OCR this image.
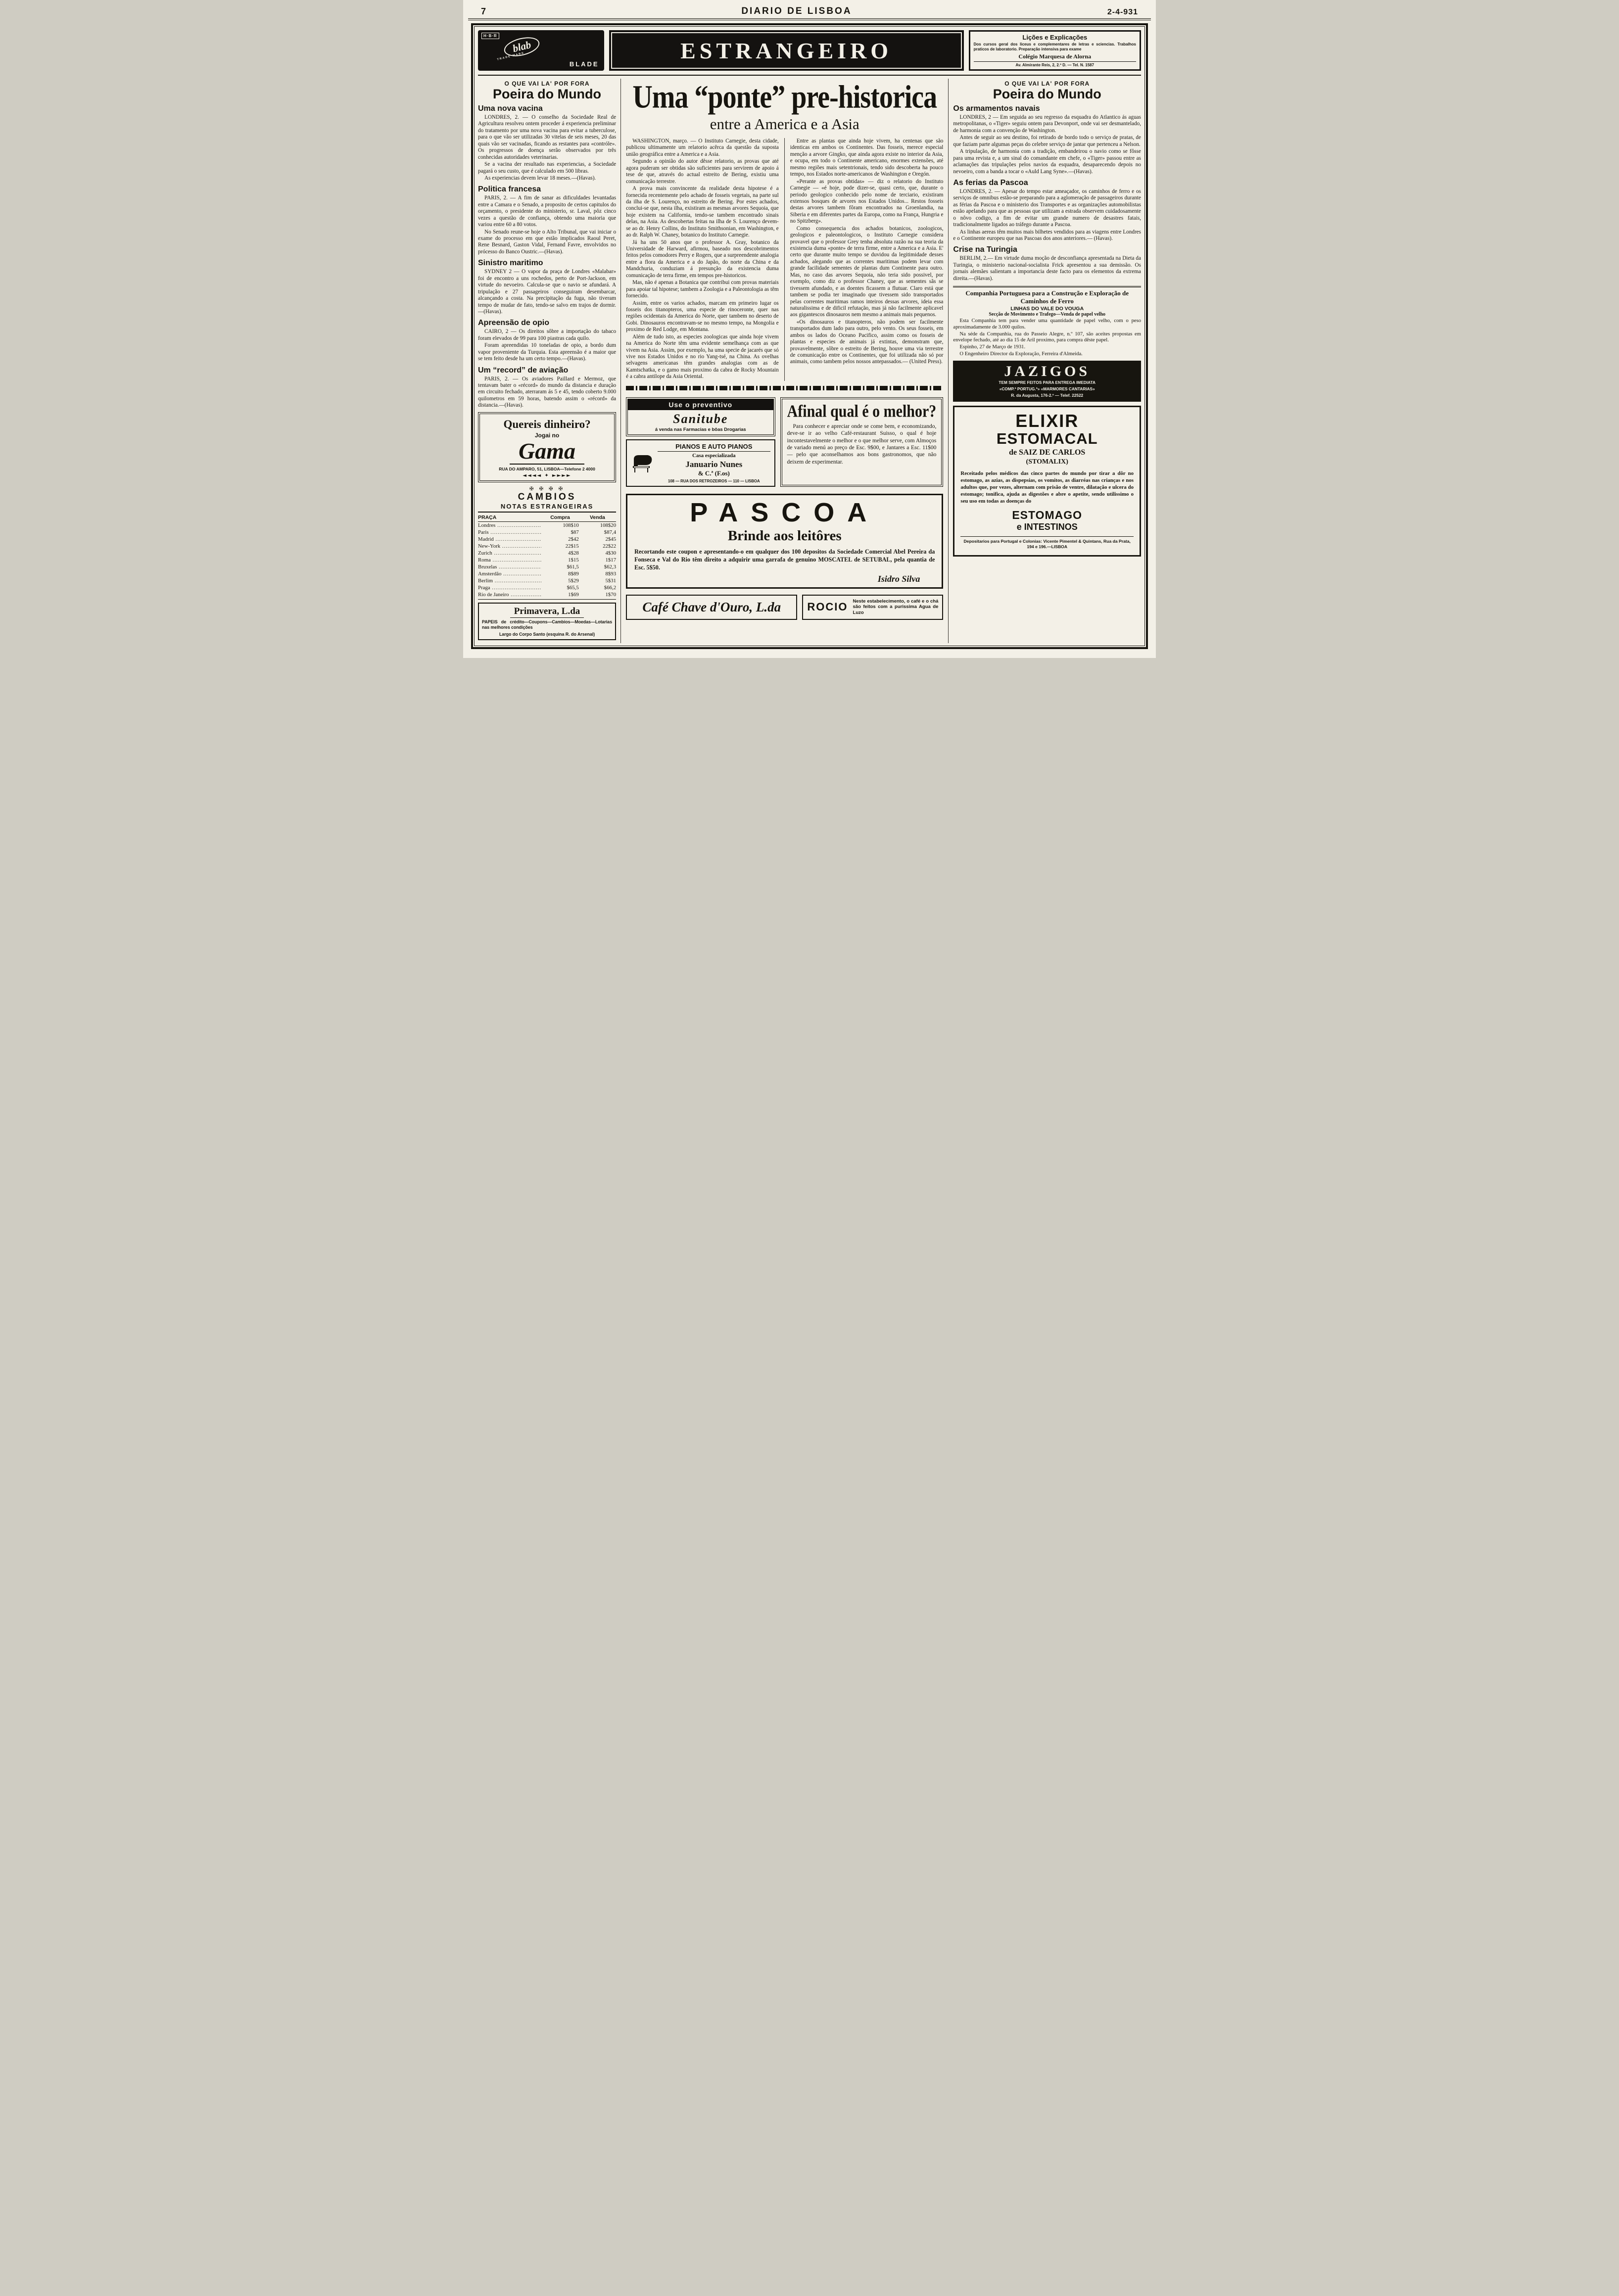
7	DIARIO DE LISBOA	2-4-931
H·B·R
blab
TRADE MARK
BLADE
ESTRANGEIRO
Lições e Explicações
Dos cursos geral dos liceus e complementares de letras e sciencias. Trabalhos praticos de laboratorio. Preparação intensiva para exame
Colégio Marquesa de Alorna
Av. Almirante Reis, 2, 2.º D. — Tel. N. 1587
O QUE VAI LA' POR FORA
Poeira do Mundo
Uma nova vacina

LONDRES, 2. — O conselho da Sociedade Real de Agricultura resolveu ontem proceder á experiencia preliminar do tratamento por uma nova vacina para evitar a tuberculose, para o que vão ser utilizadas 30 vitelas de seis meses, 20 das quais vão ser vacinadas, ficando as restantes para «contróle». Os progressos de doença serão observados por três conhecidas autoridades veterinarias.

Se a vacina der resultado nas experiencias, a Sociedade pagará o seu custo, que é calculado em 500 libras.

As experiencias devem levar 18 meses.—(Havas).

Politica francesa

PARIS, 2. — A fim de sanar as dificuldades levantadas entre a Camara e o Senado, a proposito de certos capitulos do orçamento, o presidente do ministerio, sr. Laval, pôz cinco vezes a questão de confiança, obtendo uma maioria que variou entre 60 a 80 votos.

No Senado reune-se hoje o Alto Tribunal, que vai iniciar o exame do processo em que estão implicados Raoul Peret, Rene Besnard, Gaston Vidal, Fernand Favre, envolvidos no prócesso do Banco Oustric.—(Havas).

Sinistro maritimo

SYDNEY 2 — O vapor da praça de Londres «Malabar» foi de encontro a uns rochedos, perto de Port-Jackson, em virtude do nevoeiro. Calcula-se que o navio se afundará. A tripulação e 27 passageiros conseguiram desembarcar, alcançando a costa. Na precipitação da fuga, não tiveram tempo de mudar de fato, tendo-se salvo em trajos de dormir.—(Havas).

Apreensão de opio

CAIRO, 2 — Os direitos sôbre a importação do tabaco foram elevados de 99 para 100 piastras cada quilo.

Foram apreendidas 10 toneladas de opio, a bordo dum vapor proveniente da Turquia. Esta apreensão é a maior que se tem feito desde ha um certo tempo.—(Havas).

Um “record” de aviação

PARIS, 2. — Os aviadores Paillard e Mermoz, que tentavam bater o «récord» do mundo da distancia e duração em circuito fechado, aterraram ás 5 e 45, tendo coberto 9.000 quilometros em 59 horas, batendo assim o «récord» da distancia.—(Havas).

Quereis dinheiro?
Jogai no
Gama
RUA DO AMPARO, 51, LISBOA—Telefone 2 4000
◄◄◄◄ ✦ ►►►►
✠ ✠ ✠ ✠
CAMBIOS
NOTAS ESTRANGEIRAS
PRAÇA	Compra	Venda
Londres .....	108$10	108$20
Paris .....	$87	$87,4
Madrid .....	2$42	2$45
New-York .....	22$15	22$22
Zurich .....	4$28	4$30
Roma .....	1$15	1$17
Bruxelas .....	$61,5	$62,3
Amsterdão .....	8$89	8$93
Berlim .....	5$29	5$31
Praga .....	$65,5	$66,2
Rio de Janeiro .....	1$69	1$70
Primavera, L.da
PAPEIS de crédito—Coupons—Cambios—Moedas—Lotarias nas melhores condições
Largo do Corpo Santo (esquina R. do Arsenal)
Uma “ponte” pre-historica
entre a America e a Asia

WASHINGTON, março. — O Instituto Carnegie, desta cidade, publicou ultimamente um relatorio acêrca da questão da suposta união geográfica entre a America e a Asia.

Segundo a opinião do autor dêsse relatorio, as provas que até agora puderam ser obtidas são suficientes para servirem de apoio á tese de que, através do actual estreito de Bering, existiu uma comunicação terrestre.

A prova mais convincente da realidade desta hipotese é a fornecida recentemente pelo achado de fosseis vegetais, na parte sul da ilha de S. Lourenço, no estreito de Bering. Por estes achados, conclui-se que, nesta ilha, existiram as mesmas arvores Sequoia, que hoje existem na California, tendo-se tambem encontrado sinais delas, na Asia. As descobertas feitas na ilha de S. Lourenço devem-se ao dr. Henry Collins, do Instituto Smithsonian, em Washington, e ao dr. Ralph W. Chaney, botanico do Instituto Carnegie.

Já ha uns 50 anos que o professor A. Gray, botanico da Universidade de Harward, afirmou, baseado nos descobrimentos feitos pelos comodores Perry e Rogers, que a surpreendente analogia entre a flora da America e a do Japão, do norte da China e da Mandchuria, conduziam á presunção da existencia duma comunicação de terra firme, em tempos pre-historicos.

Mas, não é apenas a Botanica que contribui com provas materiais para apoiar tal hipotese; tambem a Zoologia e a Paleontologia as têm fornecido.

Assim, entre os varios achados, marcam em primeiro lugar os fosseis dos titanopteros, uma especie de rinoceronte, quer nas regiões ocidentais da America do Norte, quer tambem no deserto de Gobi. Dinosauros encontravam-se no mesmo tempo, na Mongolia e proximo de Red Lodge, em Montana.

Além de tudo isto, as especies zoologicas que ainda hoje vivem na America do Norte têm uma evidente semelhança com as que vivem na Asia. Assim, por exemplo, ha uma specie de jacarés que só vive nos Estados Unidos e no rio Yang-tsé, na China. As ovelhas selvagens americanas têm grandes analogias com as de Kamtschatka, e o gamo mais proximo da cabra de Rocky Mountain é a cabra antilope da Asia Oriental.

Entre as plantas que ainda hoje vivem, ha centenas que são identicas em ambos os Continentes. Das fosseis, merece especial menção a arvore Gingko, que ainda agora existe no interior da Asia, e ocupa, em todo o Continente americano, enormes extensões, até mesmo regiões mais setentrionais, tendo sido descoberta ha pouco tempo, nos Estados norte-americanos de Washington e Oregón.

«Perante as provas obtidas» — diz o relatorio do Instituto Carnegie — «é hoje, pode dizer-se, quasi certo, que, durante o periodo geologico conhecido pelo nome de terciario, existiram extensos bosques de arvores nos Estados Unidos... Restos fosseis destas arvores tambem fôram encontrados na Groenlandia, na Siberia e em diferentes partes da Europa, como na França, Hungria e no Spitzberg».

Como consequencia dos achados botanicos, zoologicos, geologicos e paleontologicos, o Instituto Carnegie considera provavel que o professor Grey tenha absoluta razão na sua teoria da existencia duma «ponte» de terra firme, entre a America e a Asia. E' certo que durante muito tempo se duvidou da legitimidade desses achados, alegando que as correntes maritimas podem levar com grande facilidade sementes de plantas dum Continente para outro. Mas, no caso das arvores Sequoia, não teria sido possivel, por exemplo, como diz o professor Chaney, que as sementes sãs se tivessem afundado, e as doentes ficassem a flutuar. Claro está que tambem se podia ter imaginado que tivessem sido transportados pelas correntes maritimas ramos inteiros dessas arvores, ideia essa naturalissima e de dificil refutação, mas já não facilmente aplicavel aos gigantescos dinosauros nem mesmo a animais mais pequenos.

«Os dinosauros e titanopteros, não podem ser facilmente transportados dum lado para outro, pelo vento. Os seus fosseis, em ambos os lados do Oceano Pacifico, assim como os fosseis de plantas e especies de animais já extintas, demonstram que, provavelmente, sôbre o estreito de Bering, houve uma via terrestre de comunicação entre os Continentes, que foi utilizada não só por animais, como tambem pelos nossos antepassados.— (United Press).

Use o preventivo
Sanitube
á venda nas Farmacias e bôas Drogarias
PIANOS E AUTO PIANOS
Casa especializada
Januario Nunes
& C.ª (F.os)
108 — RUA DOS RETROZEIROS — 110 — LISBOA
Afinal qual é o melhor?
Para conhecer e apreciar onde se come bem, e economizando, deve-se ir ao velho Café-restaurant Suisso, o qual é hoje incontestavelmente o melhor e o que melhor serve, com Almoços de variado menú ao preço de Esc. 9$00, e Jantares a Esc. 11$00 — pelo que aconselhamos aos bons gastronomos, que não deixem de experimentar.
PASCOA
Brinde aos leitôres
Recortando este coupon e apresentando-o em qualquer dos 100 depositos da Sociedade Comercial Abel Pereira da Fonseca e Val do Rio têm direito a adquirir uma garrafa de genuino MOSCATEL de SETUBAL, pela quantia de Esc. 5$50.
Isidro Silva
Café Chave d'Ouro, L.da ROCIO Neste estabelecimento, o café e o chá são feitos com a purissima Agua de Luzo
O QUE VAI LA' POR FORA
Poeira do Mundo
Os armamentos navais

LONDRES, 2 — Em seguida ao seu regresso da esquadra do Atlantico ás aguas metropolitanas, o «Tiger» seguiu ontem para Devonport, onde vai ser desmantelado, de harmonia com a convenção de Washington.

Antes de seguir ao seu destino, foi retirado de bordo todo o serviço de pratas, de que faziam parte algumas peças do celebre serviço de jantar que pertenceu a Nelson.

A tripulação, de harmonia com a tradição, embandeirou o navio como se fôsse para uma revista e, a um sinal do comandante em chefe, o «Tiger» passou entre as aclamações das tripulações pelos navios da esquadra, desaparecendo depois no nevoeiro, com a banda a tocar o «Auld Lang Syne».—(Havas).

As ferias da Pascoa

LONDRES, 2. — Apesar do tempo estar ameaçador, os caminhos de ferro e os serviços de omnibus estão-se preparando para a aglomeração de passageiros durante as férias da Pascoa e o ministerio dos Transportes e as organizações automobilistas estão apelando para que as pessoas que utilizam a estrada observem cuidadosamente o nôvo codigo, a fim de evitar um grande numero de desastres fatais, tradicionalmente ligados ao tráfego durante a Pascoa.

As linhas aereas têm muitos mais bilhetes vendidos para as viagens entre Londres e o Continente europeu que nas Pascoas dos anos anteriores.— (Havas).

Crise na Turingia

BERLIM, 2.— Em virtude duma moção de desconfiança apresentada na Dieta da Turingia, o ministerio nacional-socialista Frick apresentou a sua demissão. Os jornais alemães salientam a importancia deste facto para os elementos da extrema direita.—(Havas).

Companhia Portuguesa para a Construção e Exploração de Caminhos de Ferro
LINHAS DO VALE DO VOUGA
Secção de Movimento e Trafego—Venda de papel velho

Esta Companhia tem para vender uma quantidade de papel velho, com o peso aproximadamente de 3.000 quilos.

Na séde da Companhia, rua do Passeio Alegre, n.º 107, são aceites propostas em envelope fechado, até ao dia 15 de Aril proximo, para compra dêste papel.

Espinho, 27 de Março de 1931.

O Engenheiro Director da Exploração, Ferreira d'Almeida.

JAZIGOS
TEM SEMPRE FEITOS PARA ENTREGA IMEDIATA
«COMP.ª PORTUG.ª» «MARMORES CANTARIAS»
R. da Augusta, 176-2.º — Telef. 22522
ELIXIR
ESTOMACAL
de SAIZ DE CARLOS
(STOMALIX)
Receitado pelos médicos das cinco partes do mundo por tirar a dôr no estomago, as azias, as dispepsias, os vomitos, as diarréas nas crianças e nos adultos que, por vezes, alternam com prisão de ventre, dilatação e ulcera do estomago; tonifica, ajuda as digestões e abre o apetite, sendo utilissimo o seu uso em todas as doenças do
ESTOMAGO
e INTESTINOS
Depositarios para Portugal e Colonias: Vicente Pimentel & Quintans, Rua da Prata, 194 e 196.—LISBOA
